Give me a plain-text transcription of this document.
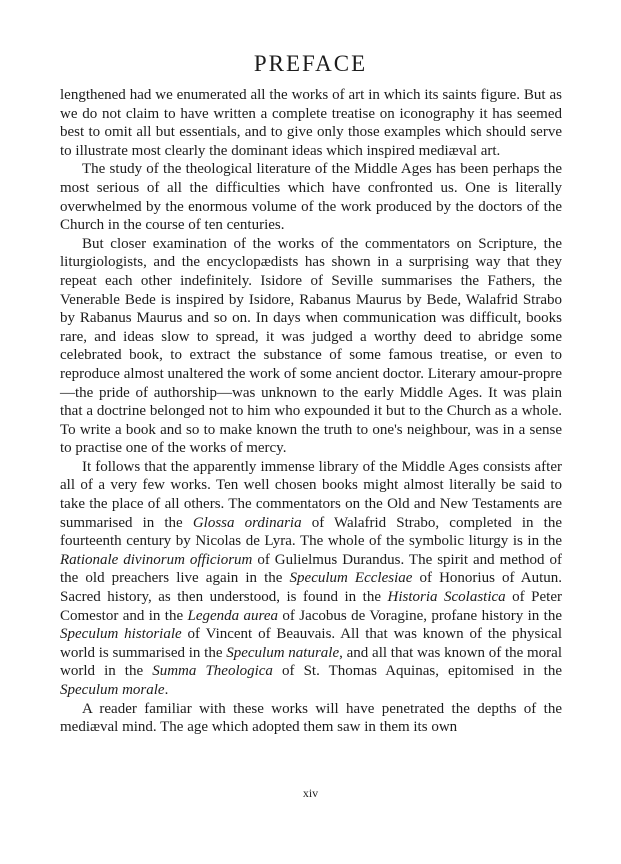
PREFACE

lengthened had we enumerated all the works of art in which its saints figure. But as we do not claim to have written a complete treatise on iconography it has seemed best to omit all but essentials, and to give only those examples which should serve to illustrate most clearly the dominant ideas which inspired mediæval art.

The study of the theological literature of the Middle Ages has been perhaps the most serious of all the difficulties which have confronted us. One is literally overwhelmed by the enormous volume of the work produced by the doctors of the Church in the course of ten centuries.

But closer examination of the works of the commentators on Scripture, the liturgiologists, and the encyclopædists has shown in a surprising way that they repeat each other indefinitely. Isidore of Seville summarises the Fathers, the Venerable Bede is inspired by Isidore, Rabanus Maurus by Bede, Walafrid Strabo by Rabanus Maurus and so on. In days when communication was difficult, books rare, and ideas slow to spread, it was judged a worthy deed to abridge some celebrated book, to extract the substance of some famous treatise, or even to reproduce almost unaltered the work of some ancient doctor. Literary amour-propre—the pride of authorship—was unknown to the early Middle Ages. It was plain that a doctrine belonged not to him who expounded it but to the Church as a whole. To write a book and so to make known the truth to one's neighbour, was in a sense to practise one of the works of mercy.

It follows that the apparently immense library of the Middle Ages consists after all of a very few works. Ten well chosen books might almost literally be said to take the place of all others. The commentators on the Old and New Testaments are summarised in the Glossa ordinaria of Walafrid Strabo, completed in the fourteenth century by Nicolas de Lyra. The whole of the symbolic liturgy is in the Rationale divinorum officiorum of Gulielmus Durandus. The spirit and method of the old preachers live again in the Speculum Ecclesiae of Honorius of Autun. Sacred history, as then understood, is found in the Historia Scolastica of Peter Comestor and in the Legenda aurea of Jacobus de Voragine, profane history in the Speculum historiale of Vincent of Beauvais. All that was known of the physical world is summarised in the Speculum naturale, and all that was known of the moral world in the Summa Theologica of St. Thomas Aquinas, epitomised in the Speculum morale.

A reader familiar with these works will have penetrated the depths of the mediæval mind. The age which adopted them saw in them its own

xiv
